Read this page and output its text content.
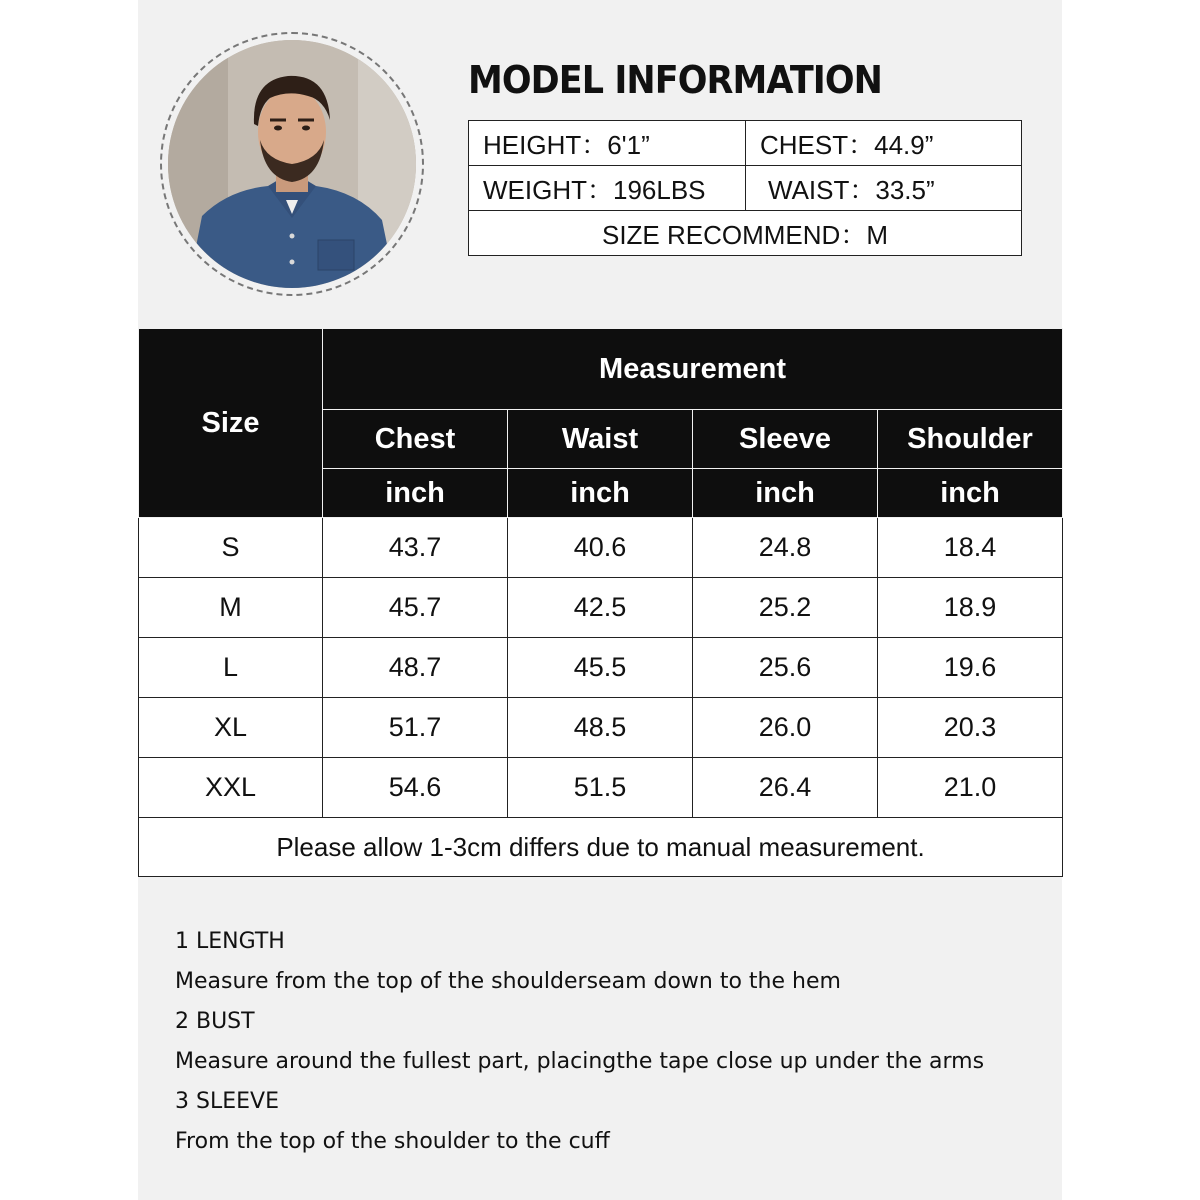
MODEL INFORMATION
HEIGHT：6'1”	CHEST：44.9”
WEIGHT：196LBS	WAIST：33.5”
SIZE RECOMMEND：M	
Size	Measurement			
	Chest	Waist	Sleeve	Shoulder
	inch	inch	inch	inch
S	43.7	40.6	24.8	18.4
M	45.7	42.5	25.2	18.9
L	48.7	45.5	25.6	19.6
XL	51.7	48.5	26.0	20.3
XXL	54.6	51.5	26.4	21.0
Please allow 1-3cm differs due to manual measurement.				
1 LENGTH
Measure from the top of the shoulderseam down to the hem
2 BUST
Measure around the fullest part, placingthe tape close up under the arms
3 SLEEVE
From the top of the shoulder to the cuff
